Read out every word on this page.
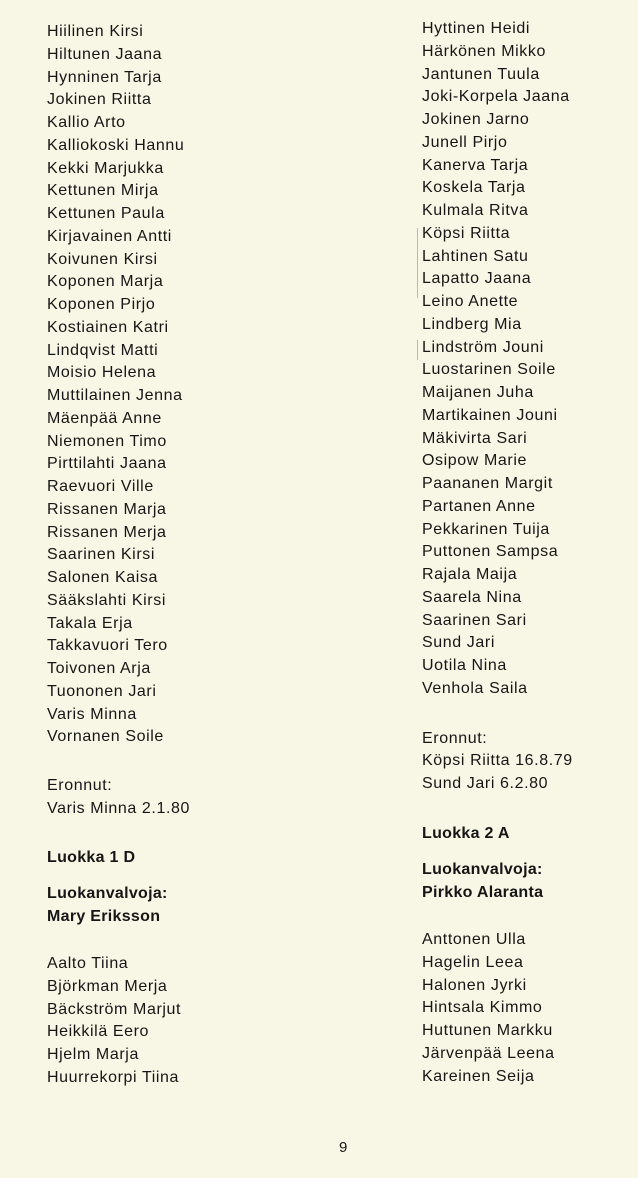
Hiilinen Kirsi
Hiltunen Jaana
Hynninen Tarja
Jokinen Riitta
Kallio Arto
Kalliokoski Hannu
Kekki Marjukka
Kettunen Mirja
Kettunen Paula
Kirjavainen Antti
Koivunen Kirsi
Koponen Marja
Koponen Pirjo
Kostiainen Katri
Lindqvist Matti
Moisio Helena
Muttilainen Jenna
Mäenpää Anne
Niemonen Timo
Pirttilahti Jaana
Raevuori Ville
Rissanen Marja
Rissanen Merja
Saarinen Kirsi
Salonen Kaisa
Sääkslahti Kirsi
Takala Erja
Takkavuori Tero
Toivonen Arja
Tuononen Jari
Varis Minna
Vornanen Soile
Eronnut:
Varis Minna 2.1.80
Luokka 1 D
Luokanvalvoja:
Mary Eriksson
Aalto Tiina
Björkman Merja
Bäckström Marjut
Heikkilä Eero
Hjelm Marja
Huurrekorpi Tiina
Hyttinen Heidi
Härkönen Mikko
Jantunen Tuula
Joki-Korpela Jaana
Jokinen Jarno
Junell Pirjo
Kanerva Tarja
Koskela Tarja
Kulmala Ritva
Köpsi Riitta
Lahtinen Satu
Lapatto Jaana
Leino Anette
Lindberg Mia
Lindström Jouni
Luostarinen Soile
Maijanen Juha
Martikainen Jouni
Mäkivirta Sari
Osipow Marie
Paananen Margit
Partanen Anne
Pekkarinen Tuija
Puttonen Sampsa
Rajala Maija
Saarela Nina
Saarinen Sari
Sund Jari
Uotila Nina
Venhola Saila
Eronnut:
Köpsi Riitta 16.8.79
Sund Jari 6.2.80
Luokka 2 A
Luokanvalvoja:
Pirkko Alaranta
Anttonen Ulla
Hagelin Leea
Halonen Jyrki
Hintsala Kimmo
Huttunen Markku
Järvenpää Leena
Kareinen Seija
9
